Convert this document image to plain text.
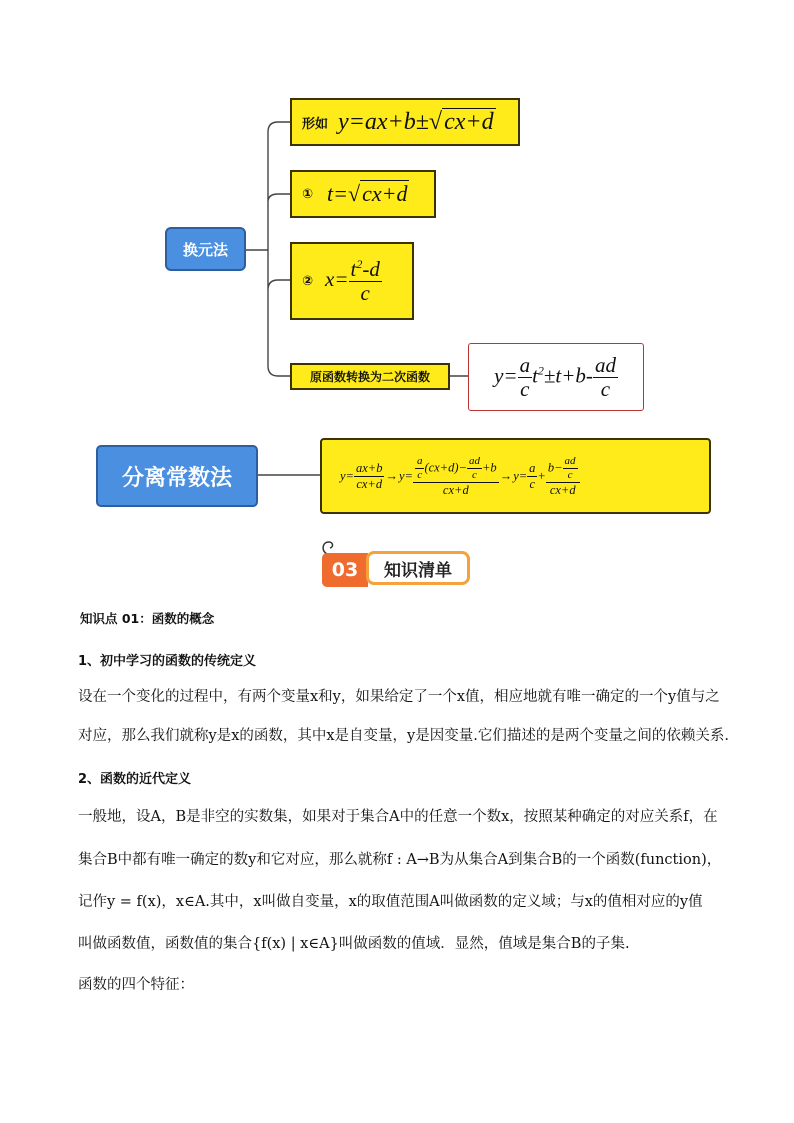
换元法
形如 y=ax+b±√cx+d
① t=√cx+d
② $x= \frac{t^2-d}{c}$
原函数转换为二次函数	$y= \frac{a}{c} t^2\pm t+b- \frac{ad}{c}$
分离常数法	$y= \frac{ax+b}{cx+d} \to y= \frac{\frac{a}{c} (cx+d)- \frac{ad}{c} +b}{cx+d} \to y= \frac{a}{c} + \frac{b- \frac{ad}{c}}{cx+d}$
03 知识清单
知识点 01：函数的概念
1、初中学习的函数的传统定义
设在一个变化的过程中，有两个变量x和y，如果给定了一个x值，相应地就有唯一确定的一个y值与之
对应，那么我们就称y是x的函数，其中x是自变量，y是因变量.它们描述的是两个变量之间的依赖关系.
2、函数的近代定义
一般地，设A，B是非空的实数集，如果对于集合A中的任意一个数x，按照某种确定的对应关系f，在
集合B中都有唯一确定的数y和它对应，那么就称f : A→B为从集合A到集合B的一个函数(function)，
记作y = f(x)，x∈A.其中，x叫做自变量，x的取值范围A叫做函数的定义域；与x的值相对应的y值
叫做函数值，函数值的集合{f(x) | x∈A}叫做函数的值域．显然，值域是集合B的子集.
函数的四个特征：
